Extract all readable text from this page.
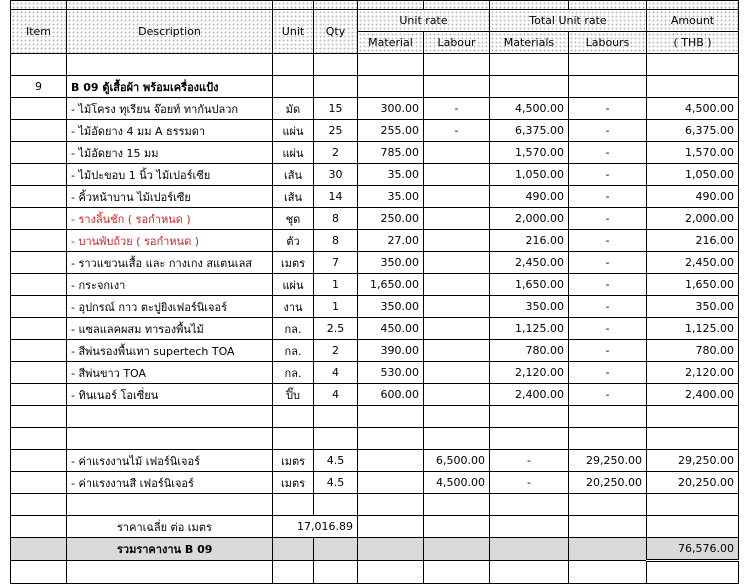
Item	Description	Unit	Qty	Unit rate		Total Unit rate		Amount
				Material	Labour	Materials	Labours	( THB )

9	B 09 ตู้เสื้อผ้า พร้อมเครื่องแป้ง							
	- ไม้โครง ทุเรียน จ๊อยท์ ทากันปลวก	มัด	15	300.00	-	4,500.00	-	4,500.00
	- ไม้อัดยาง 4 มม A ธรรมดา	แผ่น	25	255.00	-	6,375.00	-	6,375.00
	- ไม้อัดยาง 15 มม	แผ่น	2	785.00		1,570.00	-	1,570.00
	- ไม้ปะขอบ 1 นิ้ว ไม้เปอร์เซีย	เส้น	30	35.00		1,050.00	-	1,050.00
	- คิ้วหน้าบาน ไม้เปอร์เซีย	เส้น	14	35.00		490.00	-	490.00
	- รางลิ้นชัก ( รอกำหนด )	ชุด	8	250.00		2,000.00	-	2,000.00
	- บานพับถ้วย ( รอกำหนด )	ตัว	8	27.00		216.00	-	216.00
	- ราวแขวนเสื้อ และ กางเกง สแตนเลส	เมตร	7	350.00		2,450.00	-	2,450.00
	- กระจกเงา	แผ่น	1	1,650.00		1,650.00	-	1,650.00
	- อุปกรณ์ กาว ตะปูยิงเฟอร์นิเจอร์	งาน	1	350.00		350.00	-	350.00
	- แซลแลคผสม ทารองพื้นไม้	กล.	2.5	450.00		1,125.00	-	1,125.00
	- สีพ่นรองพื้นเทา supertech TOA	กล.	2	390.00		780.00	-	780.00
	- สีพ่นขาว TOA	กล.	4	530.00		2,120.00	-	2,120.00
	- ทินเนอร์ โอเซี่ยน	ปิ๊บ	4	600.00		2,400.00	-	2,400.00

	- ค่าแรงงานไม้ เฟอร์นิเจอร์	เมตร	4.5		6,500.00	-	29,250.00	29,250.00
	- ค่าแรงงานสี เฟอร์นิเจอร์	เมตร	4.5		4,500.00	-	20,250.00	20,250.00

	ราคาเฉลี่ย ต่อ เมตร	17,016.89						
	รวมราคางาน B 09							76,576.00
